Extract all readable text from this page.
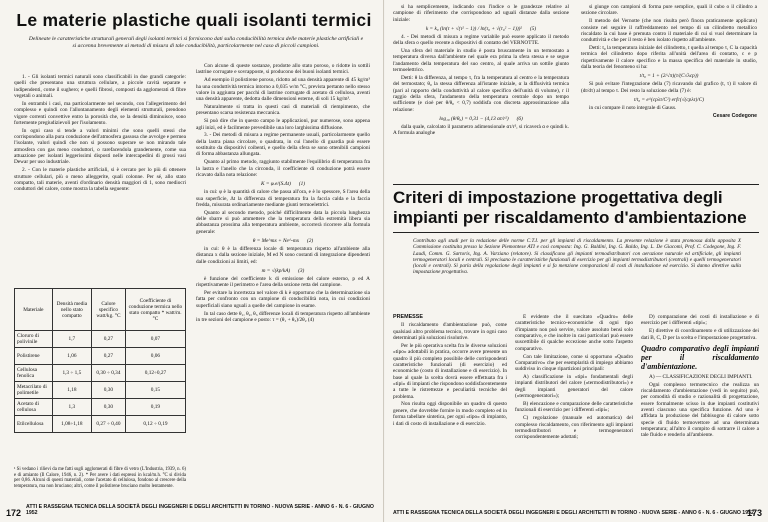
Le materie plastiche quali isolanti termici
Delineate le caratteristiche strutturali generali degli isolanti termici si forniscono dati sulla conducibilità termica delle materie plastiche artificiali e si accenna brevemente ai metodi di misura di tale conducibilità, particolarmente nel caso di piccoli campioni.

1. - Gli isolanti termici naturali sono classificabili in due grandi categorie: quelli che presentano una struttura cellulare, a piccole cavità separate e indipendenti, come il sughero; e quelli fibrosi, composti da agglomerati di fibre vegetali o animali.

In entrambi i casi, ma particolarmente nel secondo, con l'allegerimento del complesso e quindi con l'allontanamento degli elementi strutturali, prendono vigore correnti convettive entro la porosità che, se la densità diminuisce, sono fortemente pregiudizievoli per l'isolamento.

In ogni caso si tende a valori minimi che sono quelli stessi che corrispondono alla pura conduzione dell'atmosfera gassosa che avvolge e permea l'isolante, valori quindi che non si possono superare se non mirando tale atmosfera con gas meno conduttori, o rarefacendola grandemente, come sua attuazione per isolanti leggerissimi disposti nelle intercapedini di grossi vasi Dewar per uso industriale.

2. - Con le materie plastiche artificiali, si è cercato per lo più di ottenere strutture cellulari, più o meno alleggerite, quali colonne. Per sé, allo stato compatto, tali materie, aventi d'ordinario densità maggiori di 1, sono mediocri conduttori del calore, come mostra la tabella seguente:

Materiale	Densità media nello stato compatto	Calore specifico watt/kg. °C	Coefficiente di conduzione termica nello stato compatto * watt/m. °C
Cloruro di polivinile	1,7	0,27	0,07
Polistirene	1,06	0,27	0,06
Cellulosa fenolica	1,3 ÷ 1,5	0,30 ÷ 0,34	0,12÷0,27
Metacrilato di polimetile	1,18	0,30	0,15
Acetato di cellulosa	1,3	0,30	0,19
Etilcellulosa	1,08÷1,18	0,27 ÷ 0,40	0,12 ÷ 0,19
¹ Si vedano i rilievi da me fatti sugli agglomerati di fibre di vetro (L'Industria, 1939, n. 6) e di amianto (Il Calore, 1946, n. 2). * Per avere i dati espressi in kcal/m.h. °C si divida per 0,86. Alcuni di questi materiali, come l'acetato di cellulosa, fondono al crescere della temperatura, ma non bruciano; altri, come il polistirene bruciano molto lentamente.

Con alcune di queste sostanze, prodotte allo stato poroso, o ridotte in sottili lastrine corrugate e sovrapposte, si producono dei buoni isolanti termici.

Ad esempio il polistirene poroso, ridotto ad una densità apparente di 45 kg/m³ ha una conduttività termica intorno a 0,035 w/m °C, prevista pertanto nello stesso valore in aggiunta per pacchi di lastrine corrugate di acetato di cellulosa, aventi una densità apparente, dedotta dalle dimensioni esterne, di soli 15 kg/m³.

Naturalmente si tratta in questi casi di materiali di riempimento, che presentano scarsa resistenza meccanica.

Si può dire che in questo campo le applicazioni, pur numerose, sono appena agli inizi, ed è facilmente prevedibile una loro larghissima diffusione.

3. - Dei metodi di misura a regime permanente usuali, particolarmente quello della lastra piana circolare, o quadrata, in cui l'anello di guardia può essere sostituito da dispositivi coibenti, e quello della sfera se sono ottenibili campioni di forma abbastanza allungata.

Quanto al primo metodo, raggiunto stabilmente l'equilibrio di temperatura fra la lastra e l'anello che la circonda, il coefficiente di conduzione potrà essere ricavato dalla nota relazione:

K = φ.e/(S.Δt)      (1)

in cui: φ è la quantità di calore che passa all'ora, e è lo spessore, S l'area della sua superficie, Δt la differenza di temperatura fra la faccia calda e la faccia fredda, misurata ordinariamente mediante giunti termoelettrici.

Quanto al secondo metodo, poiché difficilmente data la piccola lunghezza delle sbarre si può ammettere che la temperatura della estremità libera sia abbastanza prossima alla temperatura ambiente, occorrerà ricorrere alla formula generale:

θ = Me^mx + Ne^-mx      (2)

in cui: θ è la differenza locale di temperatura rispetto all'ambiente alla distanza x dalla sezione iniziale, M ed N sono costanti di integrazione dipendenti dalle condizioni ai limiti, ed:

m = √(kp/kA)      (3)

è funzione del coefficiente k di emissione del calore esterno, p ed A rispettivamente il perimetro e l'area della sezione retta del campione.

Per evitare la incertezza nel valore di k è opportuno che la determinazione sia fatta per confronto con un campione di conducibilità nota, in cui condizioni superficiali siano uguali a quelle del campione in esame.

In tal caso dette θ₁, θ₂, θ₃ differenze locali di temperatura rispetto all'ambiente in tre sezioni del campione e posto: τ = (θ₁ + θ₃)/2θ₂ (4)

172
ATTI E RASSEGNA TECNICA DELLA SOCIETÀ DEGLI INGEGNERI E DEGLI ARCHITETTI IN TORINO - NUOVA SERIE - ANNO 6 - N. 6 - GIUGNO 1952

si ha semplicemente, indicando con l'indice o le grandezze relative al campione di riferimento che corrispondono ad uguali distanze dalla sezione iniziale:

k = k₀ (ln(τ + √(τ² − 1)) / ln(τ₀ + √(τ₀² − 1)))²      (5)

4. - Dei metodi di misura a regime variabile può essere applicato il metodo della sfera o quello recente a dispositivi di contatto del VERNOTTE.

Una sfera del materiale in studio è posta bruscamente in un termostato a temperatura diversa dall'ambiente nel quale era prima la sfera stessa e se segue l'andamento della temperatura del suo centro, al quale arriva un sottile giunto termoelettrico.

Detti: θ la differenza, al tempo τ, fra la temperatura al centro e la temperatura del termostato; θ₀ la stessa differenza all'istante iniziale, α la diffusività termica (pari al rapporto della conduttività al calore specifico dell'unità di volume), r il raggio della sfera, l'andamento della temperatura centrale dopo un tempo sufficiente (e cioè per θ/θ₀ < 0,7) soddisfa con discreta approssimazione alla relazione:

log₁₀ (θ/θ₀) = 0,31 − (4,13 ατ/r²)      (6)

dalla quale, calcolato il parametro adimensionale ατ/r², si ricaverà α e quindi k. A formula analoghe

si giunge con campioni di forma pure semplice, quali il cubo o il cilindro a sezione circolare.

Il metodo del Vernotte (che non risulta però finora praticamente applicato) consiste nel seguire il raffreddamento nel tempo di un cilindretto metallico riscaldato la cui base è premuta contro il materiale di cui si vuol determinare la conduttività e che per il resto è ben isolato rispetto all'ambiente.

Detti: t₀ la temperatura iniziale del cilindretto, t quella al tempo τ, C la capacità termica del cilindretto dopo riferita all'unità dell'area di contatto, c e p rispettivamente il calore specifico e la massa specifica del materiale in studio, dalla teoria del fenomeno si ha:

t/t₀ = 1 + (2/√π)(τ/(C√λcp))

Si può evitare l'integrazione della (7) ricavando dal grafico (t, τ) il valore di (dt/dτ) al tempo τ. Dei resto la soluzione della (7) è:

t/t₀ = e^(cpλτ/C²) erfc(√(cpλτ)/C)

in cui compare il noto integrale di Gauss.

Cesare Codegone
Criteri di impostazione progettativa degli impianti per riscaldamento d'ambientazione
Contributo agli studi per la redazione delle norme C.T.I. per gli impianti di riscaldamento. La presente relazione è stata promossa dalla apposita X Commissione costituita presso la Sezione Piemontese ATI e così composta: Ing. G. Baldini, Ing. G. Baldo, Ing. L. De Giacomi, Prof. C. Codegone, Ing. F. Laudi, Comm. G. Sartoris, Ing. A. Varziano (relatore). Si classificano gli impianti termodistributori con aerazione naturale ed artificiale, gli impianti termogeneratori locali e centrali. Si precisano le caratteristiche funzionali di esercizio per gli impianti termodistributori (centrali) e quelli termogeneratori (locali e centrali). Si parla della regolazione degli impianti e si fa menzione comparazioni di costi di installazione ed esercizio. Si danno direttive sulla impostazione progettativa.
PREMESSE

Il riscaldamento d'ambientazione può, come qualsiasi altro problema tecnico, trovare in ogni caso determinati più soluzioni risolutive.

Per le più operativa scelta fra le diverse soluzioni «tipo» adottabili in pratica, occorre avere presente un quadro il più completo possibile delle corrispondenti caratteristiche funzionali (di esercizio) ed economiche (costo di installazione e di esercizio). In base al quale la scelta dovrà essere effettuata fra i «tipi» di impianti che rispondono soddisfacentemente a tutte le ristrettezze e peculiarità tecniche del problema.

Non risulta oggi disponibile un quadro di questo genere, che dovrebbe fornire in modo completo ed in forma tabellare sintetica, per ogni «tipo» di impianto, i dati di costo di installazione e di esercizio.

È evidente che il suecitato «Quadro» delle caratteristiche tecnico-economiche di ogni tipo d'impianto non può servire, valore assoluto bensì solo comparativo, e che inoltre in casi particolari può essere suscettibile di qualche eccezione anche sotto l'aspetto comparativo.

Con tale limitazione, come si opportuno «Quadro Comparativo» che per esemplarità di impiego abbiamo suddiviso in cinque ripartizioni principali:

A) classificazione in «tipi» fondamentali degli impianti distributori del calore («termodistributori») e degli impianti generatori del calore («termogeneratori»);

B) elencazione e comparazione delle caratteristiche funzionali di esercizio per i differenti «tipi»;

C) regolazione (manuale ed automatica) del complesso riscaldamento, con riferimento agli impianti termodistributori e termogeneratori corrispondentemente adottati;

D) comparazione dei costi di installazione e di esercizio per i differenti «tipi»;

E) direttive di coordinamento e di utilizzazione dei dati B, C, D per la scelta e l'impostazione progettativa.

Quadro comparativo degli impianti per il riscaldamento d'ambientazione.

A) — CLASSIFICAZIONE DEGLI IMPIANTI.

Ogni complesso termotecnico che realizza un riscaldamento d'ambientazione (vedi in seguito) può, per comodità di studio e razionalità di progettazione, essere formalmente scisso in due impianti costitutivi aventi ciascuno una specifica funzione. Ad uno è affidata la produzione del fabbisogno di calore sotto specie di fluido termovettore ad una determinata temperatura; all'altro il compito di sottrarre il calore a tale fluido e renderlo all'ambiente.

ATTI E RASSEGNA TECNICA DELLA SOCIETÀ DEGLI INGEGNERI E DEGLI ARCHITETTI IN TORINO - NUOVA SERIE - ANNO 6 - N. 6 - GIUGNO 1952
173
